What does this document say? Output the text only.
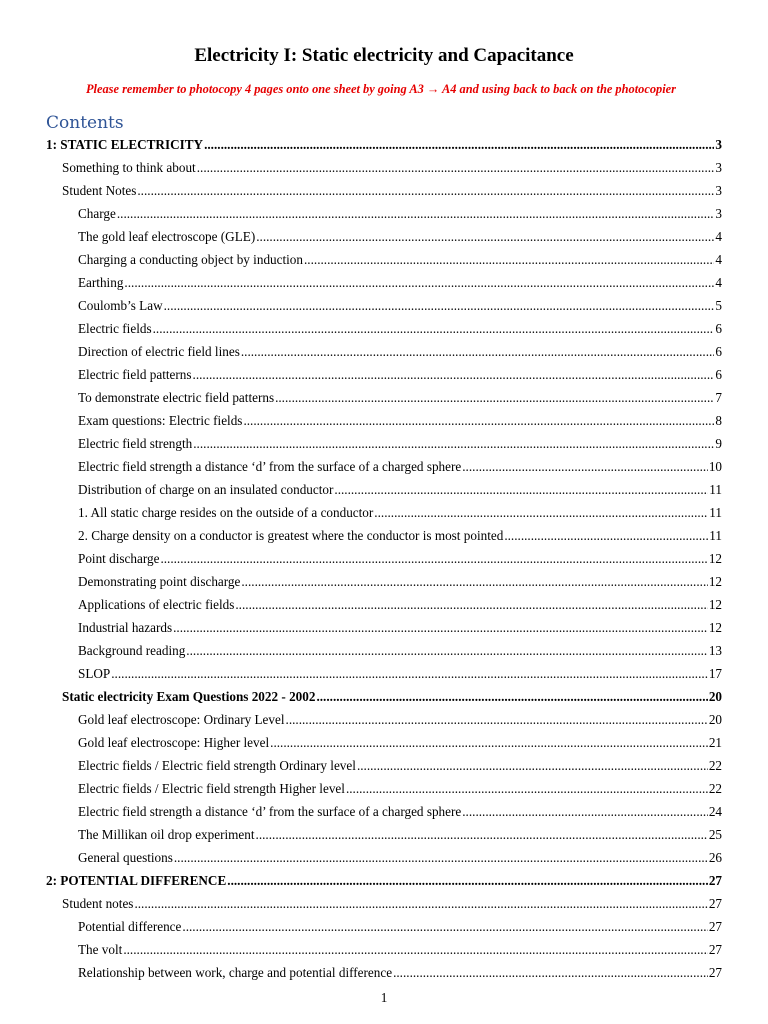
Electricity I: Static electricity and Capacitance
Please remember to photocopy 4 pages onto one sheet by going A3 → A4 and using back to back on the photocopier
Contents
1: STATIC ELECTRICITY .....	3
Something to think about .....	3
Student Notes .....	3
Charge .....	3
The gold leaf electroscope (GLE) .....	4
Charging a conducting object by induction .....	4
Earthing .....	4
Coulomb’s Law .....	5
Electric fields .....	6
Direction of electric field lines .....	6
Electric field patterns .....	6
To demonstrate electric field patterns .....	7
Exam questions: Electric fields .....	8
Electric field strength .....	9
Electric field strength a distance ‘d’ from the surface of a charged sphere .....	10
Distribution of charge on an insulated conductor .....	11
1. All static charge resides on the outside of a conductor .....	11
2. Charge density on a conductor is greatest where the conductor is most pointed .....	11
Point discharge .....	12
Demonstrating point discharge .....	12
Applications of electric fields .....	12
Industrial hazards .....	12
Background reading .....	13
SLOP .....	17
Static electricity Exam Questions 2022 - 2002 .....	20
Gold leaf electroscope: Ordinary Level .....	20
Gold leaf electroscope: Higher level .....	21
Electric fields / Electric field strength Ordinary level .....	22
Electric fields / Electric field strength Higher level .....	22
Electric field strength a distance ‘d’ from the surface of a charged sphere .....	24
The Millikan oil drop experiment .....	25
General questions .....	26
2: POTENTIAL DIFFERENCE .....	27
Student notes .....	27
Potential difference .....	27
The volt .....	27
Relationship between work, charge and potential difference .....	27
1
